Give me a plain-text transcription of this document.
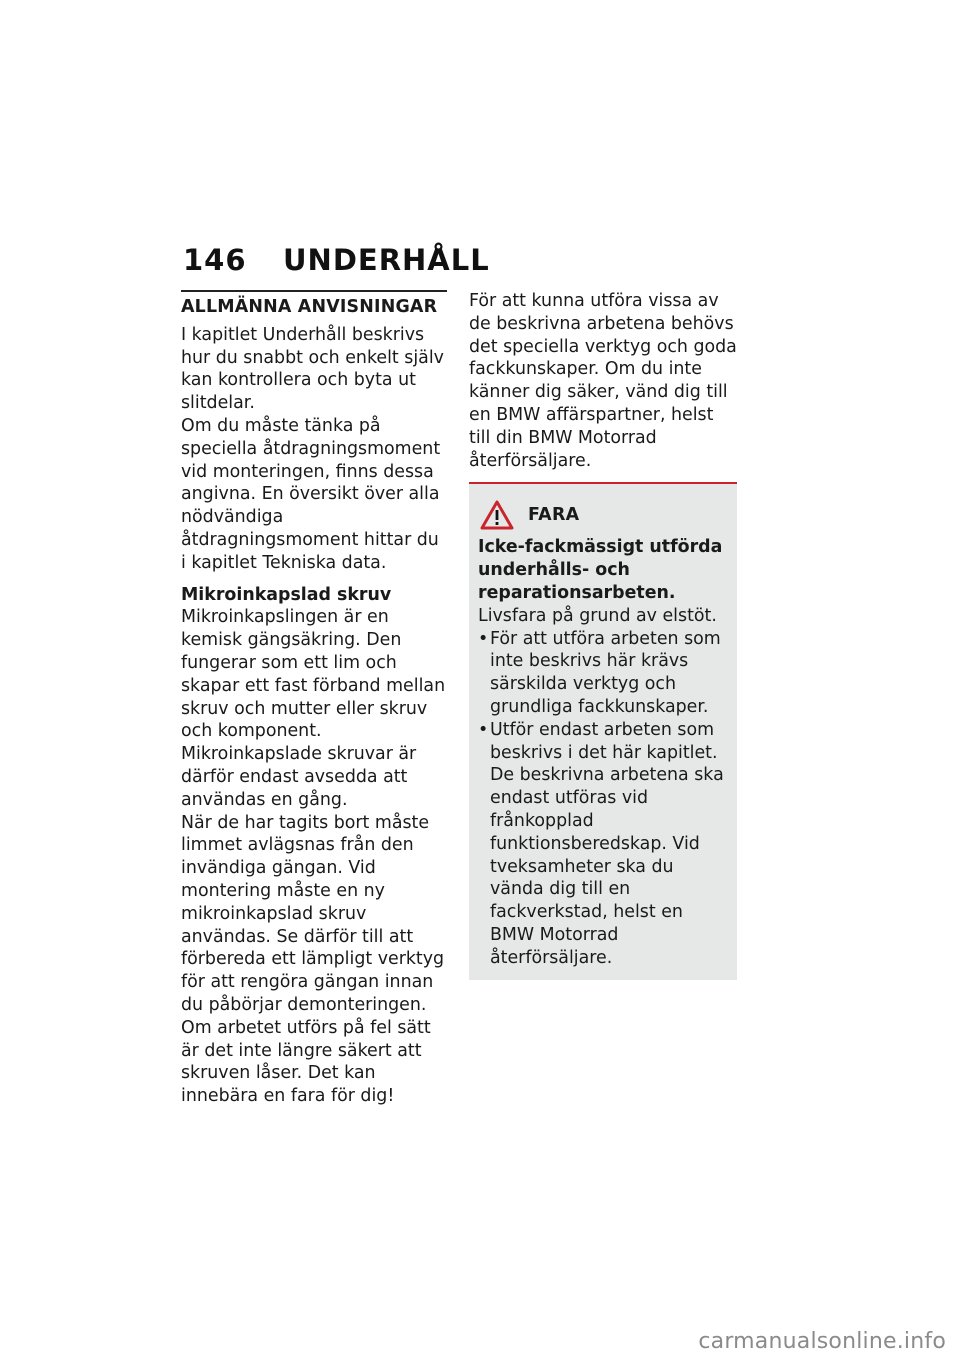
146 UNDERHÅLL
ALLMÄNNA ANVISNINGAR

I kapitlet Underhåll beskrivs hur du snabbt och enkelt själv kan kontrollera och byta ut slitdelar.

Om du måste tänka på speciella åtdragningsmoment vid monteringen, finns dessa angivna. En översikt över alla nödvändiga åtdragningsmoment hittar du i kapitlet Tekniska data.

Mikroinkapslad skruv

Mikroinkapslingen är en kemisk gängsäkring. Den fungerar som ett lim och skapar ett fast förband mellan skruv och mutter eller skruv och komponent. Mikroinkapslade skruvar är därför endast avsedda att användas en gång.

När de har tagits bort måste limmet avlägsnas från den invändiga gängan. Vid montering måste en ny mikroinkapslad skruv användas. Se därför till att förbereda ett lämpligt verktyg för att rengöra gängan innan du påbörjar demonteringen. Om arbetet utförs på fel sätt är det inte längre säkert att skruven låser. Det kan innebära en fara för dig!

För att kunna utföra vissa av de beskrivna arbetena behövs det speciella verktyg och goda fackkunskaper. Om du inte känner dig säker, vänd dig till en BMW affärspartner, helst till din BMW Motorrad återförsäljare.

FARA
Icke-fackmässigt utförda underhålls- och reparationsarbeten.

Livsfara på grund av elstöt.

• För att utföra arbeten som inte beskrivs här krävs särskilda verktyg och grundliga fackkunskaper.
• Utför endast arbeten som beskrivs i det här kapitlet. De beskrivna arbetena ska endast utföras vid frånkopplad funktionsberedskap. Vid tveksamheter ska du vända dig till en fackverkstad, helst en BMW Motorrad återförsäljare.
carmanualsonline.info
